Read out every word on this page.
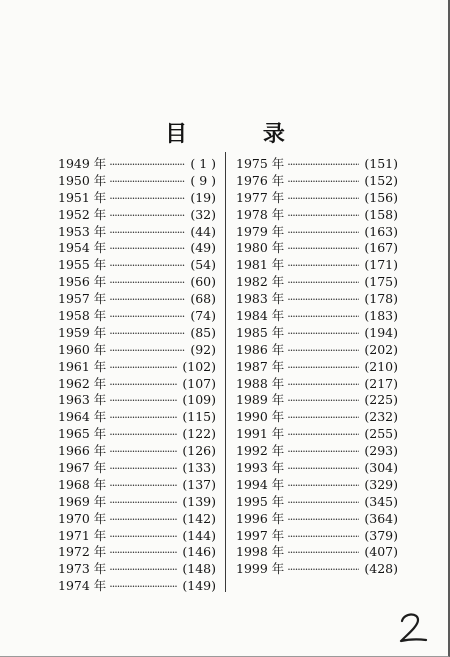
目 录
1949 年 ·····	( 1 )
1950 年 ·····	( 9 )
1951 年 ·····	(19)
1952 年 ·····	(32)
1953 年 ·····	(44)
1954 年 ·····	(49)
1955 年 ·····	(54)
1956 年 ·····	(60)
1957 年 ·····	(68)
1958 年 ·····	(74)
1959 年 ·····	(85)
1960 年 ·····	(92)
1961 年 ·····	(102)
1962 年 ·····	(107)
1963 年 ·····	(109)
1964 年 ·····	(115)
1965 年 ·····	(122)
1966 年 ·····	(126)
1967 年 ·····	(133)
1968 年 ·····	(137)
1969 年 ·····	(139)
1970 年 ·····	(142)
1971 年 ·····	(144)
1972 年 ·····	(146)
1973 年 ·····	(148)
1974 年 ·····	(149)
1975 年 ·····	(151)
1976 年 ·····	(152)
1977 年 ·····	(156)
1978 年 ·····	(158)
1979 年 ·····	(163)
1980 年 ·····	(167)
1981 年 ·····	(171)
1982 年 ·····	(175)
1983 年 ·····	(178)
1984 年 ·····	(183)
1985 年 ·····	(194)
1986 年 ·····	(202)
1987 年 ·····	(210)
1988 年 ·····	(217)
1989 年 ·····	(225)
1990 年 ·····	(232)
1991 年 ·····	(255)
1992 年 ·····	(293)
1993 年 ·····	(304)
1994 年 ·····	(329)
1995 年 ·····	(345)
1996 年 ·····	(364)
1997 年 ·····	(379)
1998 年 ·····	(407)
1999 年 ·····	(428)
